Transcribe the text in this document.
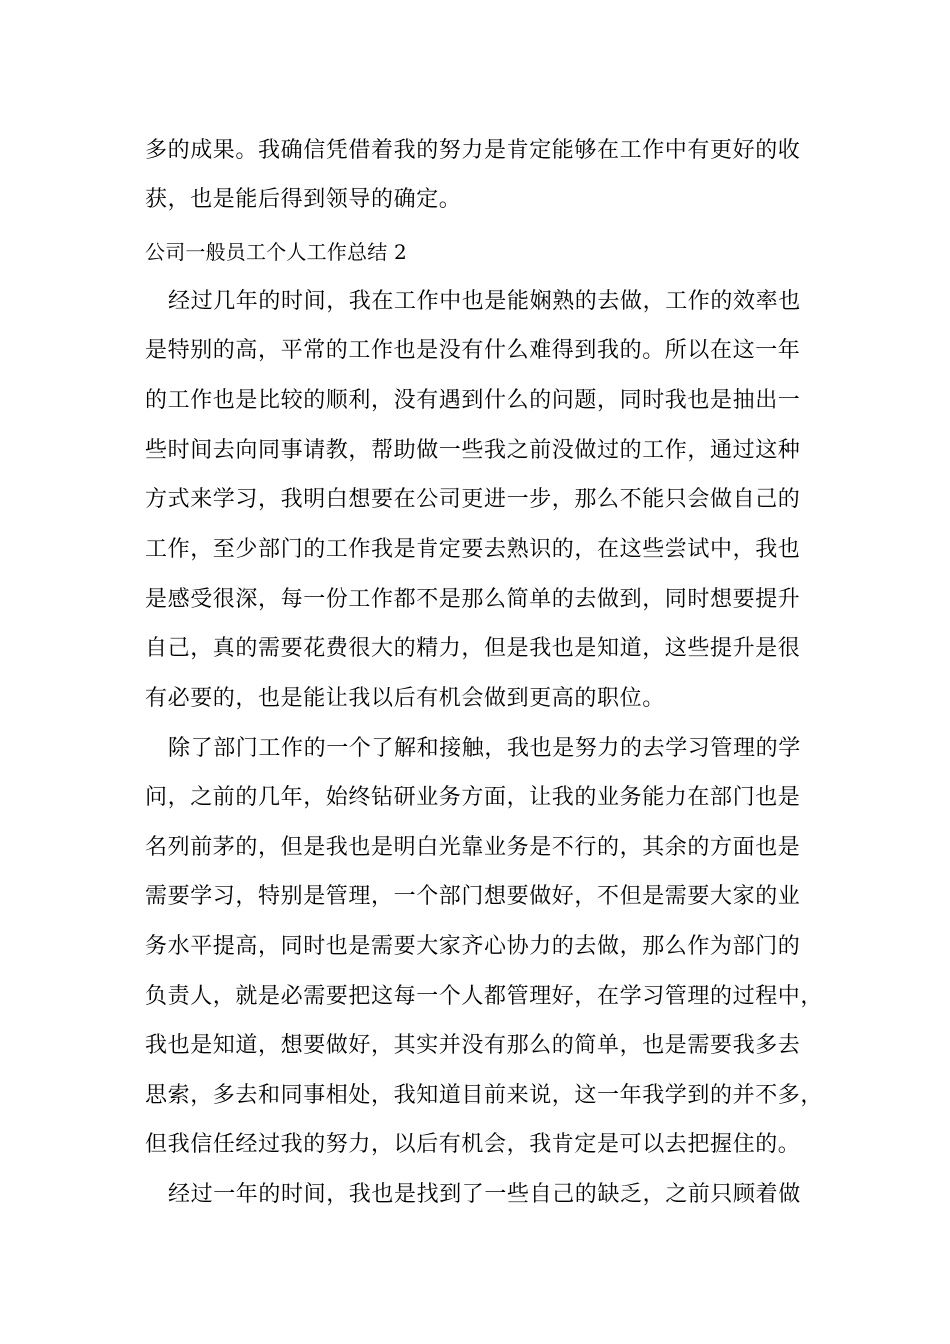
多的成果。我确信凭借着我的努力是肯定能够在工作中有更好的收
获，也是能后得到领导的确定。
公司一般员工个人工作总结 2
经过几年的时间，我在工作中也是能娴熟的去做，工作的效率也
是特别的高，平常的工作也是没有什么难得到我的。所以在这一年
的工作也是比较的顺利，没有遇到什么的问题，同时我也是抽出一
些时间去向同事请教，帮助做一些我之前没做过的工作，通过这种
方式来学习，我明白想要在公司更进一步，那么不能只会做自己的
工作，至少部门的工作我是肯定要去熟识的，在这些尝试中，我也
是感受很深，每一份工作都不是那么简单的去做到，同时想要提升
自己，真的需要花费很大的精力，但是我也是知道，这些提升是很
有必要的，也是能让我以后有机会做到更高的职位。
除了部门工作的一个了解和接触，我也是努力的去学习管理的学
问，之前的几年，始终钻研业务方面，让我的业务能力在部门也是
名列前茅的，但是我也是明白光靠业务是不行的，其余的方面也是
需要学习，特别是管理，一个部门想要做好，不但是需要大家的业
务水平提高，同时也是需要大家齐心协力的去做，那么作为部门的
负责人，就是必需要把这每一个人都管理好，在学习管理的过程中，
我也是知道，想要做好，其实并没有那么的简单，也是需要我多去
思索，多去和同事相处，我知道目前来说，这一年我学到的并不多，
但我信任经过我的努力，以后有机会，我肯定是可以去把握住的。
经过一年的时间，我也是找到了一些自己的缺乏，之前只顾着做
